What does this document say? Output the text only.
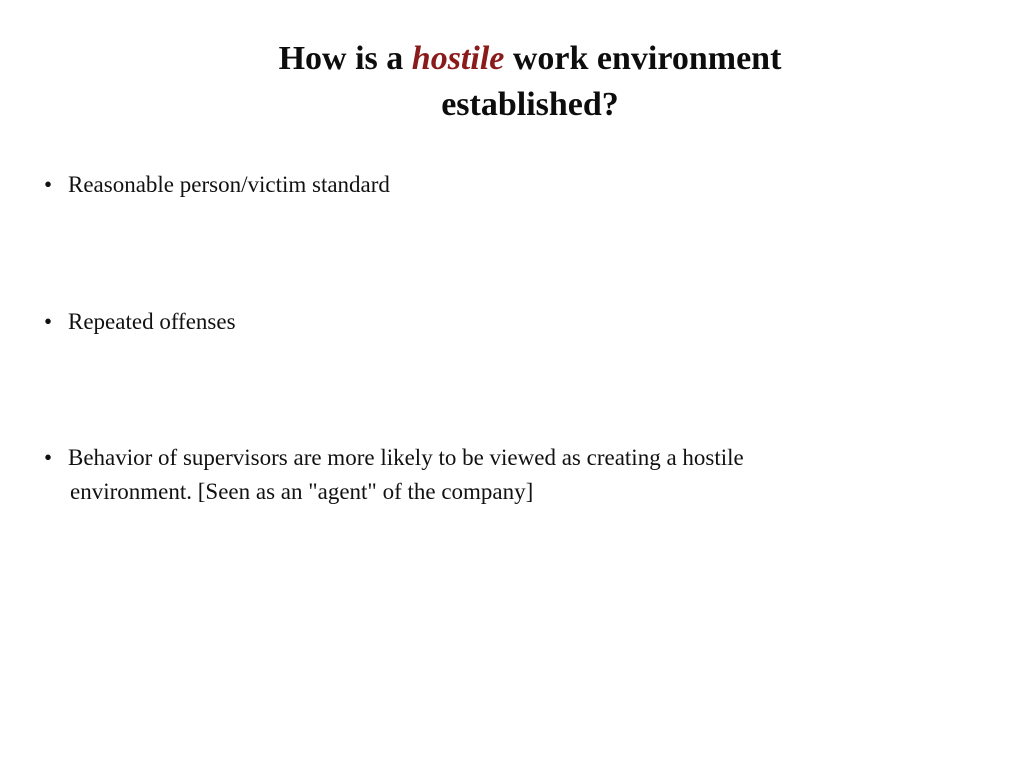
How is a hostile work environment
established?
• Reasonable person/victim standard
• Repeated offenses
• Behavior of supervisors are more likely to be viewed as creating a hostile
environment. [Seen as an "agent" of the company]
